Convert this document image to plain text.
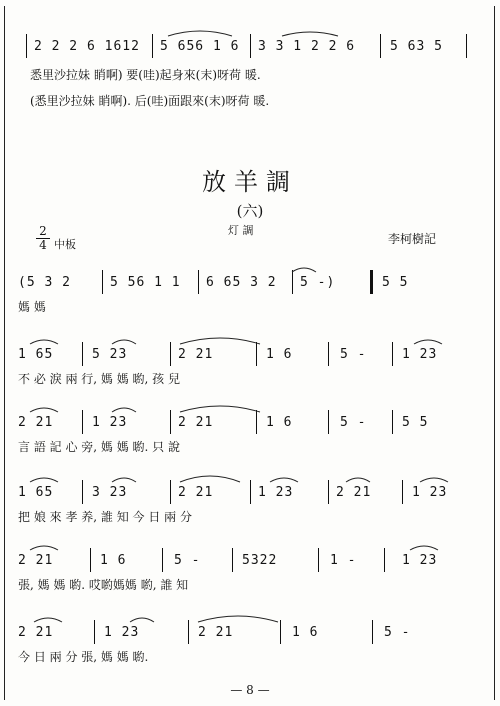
2 2 2 6 1612 5 656 1 6 3 3 1 2 2 6	5 63 5
悉里沙拉妹 睄啊) 要(哇)起身來(末)呀荷 暖.
(悉里沙拉妹 睄啊). 后(哇)面跟來(末)呀荷 暖.
放羊調
(六)
灯 調
李柯樹記
2
4 中板
(5 3 2	5 56 1 1 6 65 3 2 5 -)	5 5
媽 媽
1 65	5 23	2 21	1 6	5 -	1 23
不 必 淚 兩 行, 媽 媽 喲, 孩 兒
2 21	1 23	2 21	1 6	5 -	5 5
言 語 記 心 旁, 媽 媽 喲. 只 說
1 65	3 23	2 21	1 23	2 21	1 23
把 娘 來 孝 养, 誰 知 今 日 兩 分
2 21	1 6	5 -	5322	1 -	1 23
張, 媽 媽 喲. 哎喲媽媽 喲, 誰 知
2 21	1 23	2 21	1 6	5 -
今 日 兩 分 張, 媽 媽 喲.
— 8 —
